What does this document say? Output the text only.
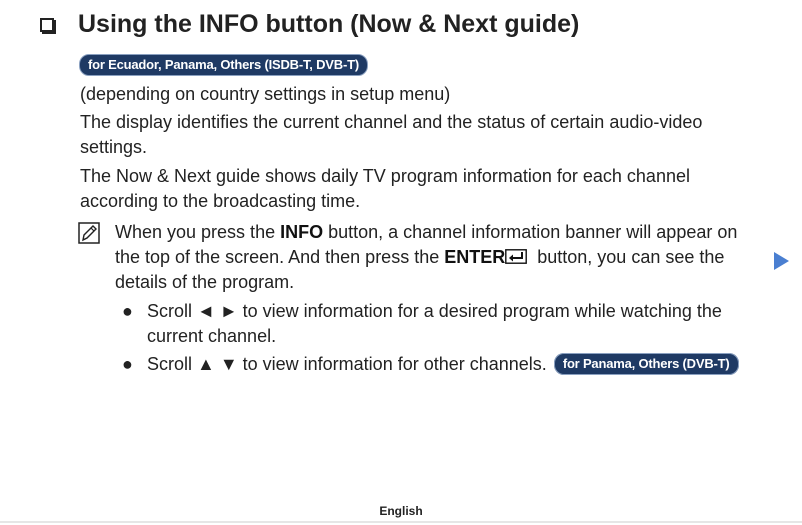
Using the INFO button (Now & Next guide)
for Ecuador, Panama, Others (ISDB-T, DVB-T)
(depending on country settings in setup menu)
The display identifies the current channel and the status of certain audio-video settings.
The Now & Next guide shows daily TV program information for each channel according to the broadcasting time.
When you press the INFO button, a channel information banner will appear on the top of the screen. And then press the ENTER button, you can see the details of the program.
● Scroll ◄ ► to view information for a desired program while watching the current channel.
● Scroll ▲ ▼ to view information for other channels. for Panama, Others (DVB-T)
English
